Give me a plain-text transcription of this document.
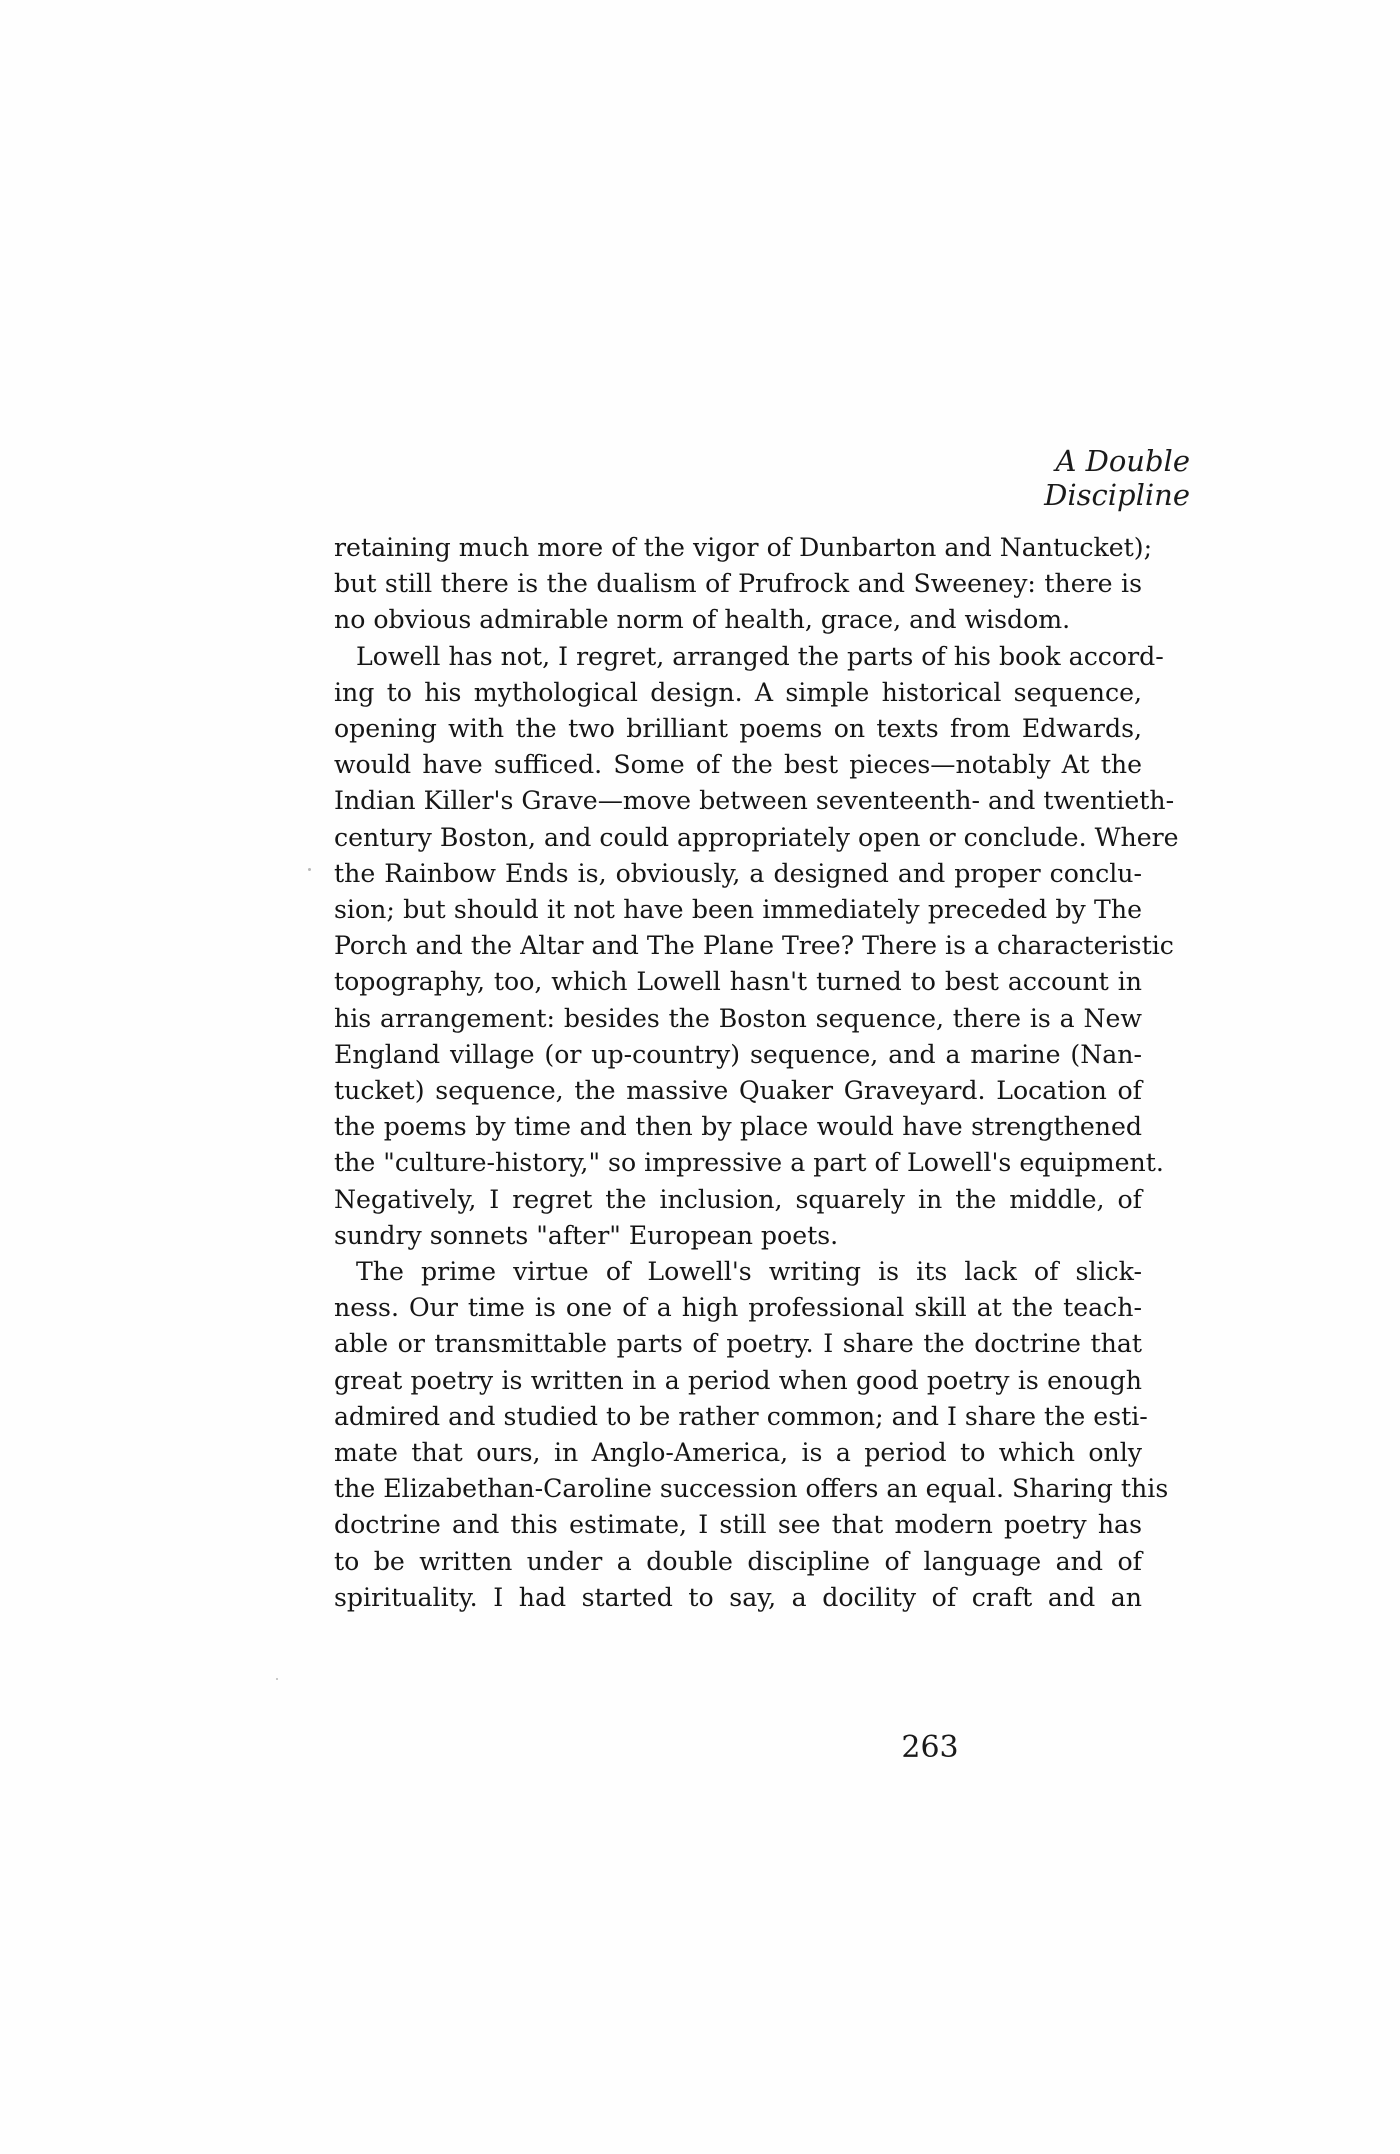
A Double Discipline
retaining much more of the vigor of Dunbarton and Nantucket);
but still there is the dualism of Prufrock and Sweeney: there is
no obvious admirable norm of health, grace, and wisdom.
Lowell has not, I regret, arranged the parts of his book accord-
ing to his mythological design. A simple historical sequence,
opening with the two brilliant poems on texts from Edwards,
would have sufficed. Some of the best pieces—notably At the
Indian Killer's Grave—move between seventeenth- and twentieth-
century Boston, and could appropriately open or conclude. Where
the Rainbow Ends is, obviously, a designed and proper conclu-
sion; but should it not have been immediately preceded by The
Porch and the Altar and The Plane Tree? There is a characteristic
topography, too, which Lowell hasn't turned to best account in
his arrangement: besides the Boston sequence, there is a New
England village (or up-country) sequence, and a marine (Nan-
tucket) sequence, the massive Quaker Graveyard. Location of
the poems by time and then by place would have strengthened
the "culture-history," so impressive a part of Lowell's equipment.
Negatively, I regret the inclusion, squarely in the middle, of
sundry sonnets "after" European poets.
The prime virtue of Lowell's writing is its lack of slick-
ness. Our time is one of a high professional skill at the teach-
able or transmittable parts of poetry. I share the doctrine that
great poetry is written in a period when good poetry is enough
admired and studied to be rather common; and I share the esti-
mate that ours, in Anglo-America, is a period to which only
the Elizabethan-Caroline succession offers an equal. Sharing this
doctrine and this estimate, I still see that modern poetry has
to be written under a double discipline of language and of
spirituality. I had started to say, a docility of craft and an
263
